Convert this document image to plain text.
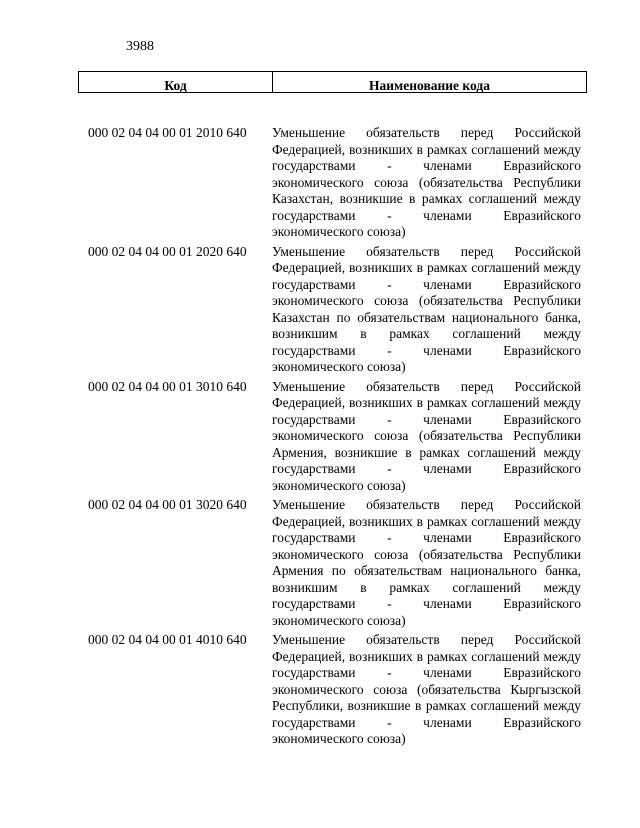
3988
Код	Наименование кода
000 02 04 04 00 01 2010 640	Уменьшение обязательств перед Российской Федерацией, возникших в рамках соглашений между государствами - членами Евразийского экономического союза (обязательства Республики Казахстан, возникшие в рамках соглашений между государствами - членами Евразийского экономического союза)
000 02 04 04 00 01 2020 640	Уменьшение обязательств перед Российской Федерацией, возникших в рамках соглашений между государствами - членами Евразийского экономического союза (обязательства Республики Казахстан по обязательствам национального банка, возникшим в рамках соглашений между государствами - членами Евразийского экономического союза)
000 02 04 04 00 01 3010 640	Уменьшение обязательств перед Российской Федерацией, возникших в рамках соглашений между государствами - членами Евразийского экономического союза (обязательства Республики Армения, возникшие в рамках соглашений между государствами - членами Евразийского экономического союза)
000 02 04 04 00 01 3020 640	Уменьшение обязательств перед Российской Федерацией, возникших в рамках соглашений между государствами - членами Евразийского экономического союза (обязательства Республики Армения по обязательствам национального банка, возникшим в рамках соглашений между государствами - членами Евразийского экономического союза)
000 02 04 04 00 01 4010 640	Уменьшение обязательств перед Российской Федерацией, возникших в рамках соглашений между государствами - членами Евразийского экономического союза (обязательства Кыргызской Республики, возникшие в рамках соглашений между государствами - членами Евразийского экономического союза)
